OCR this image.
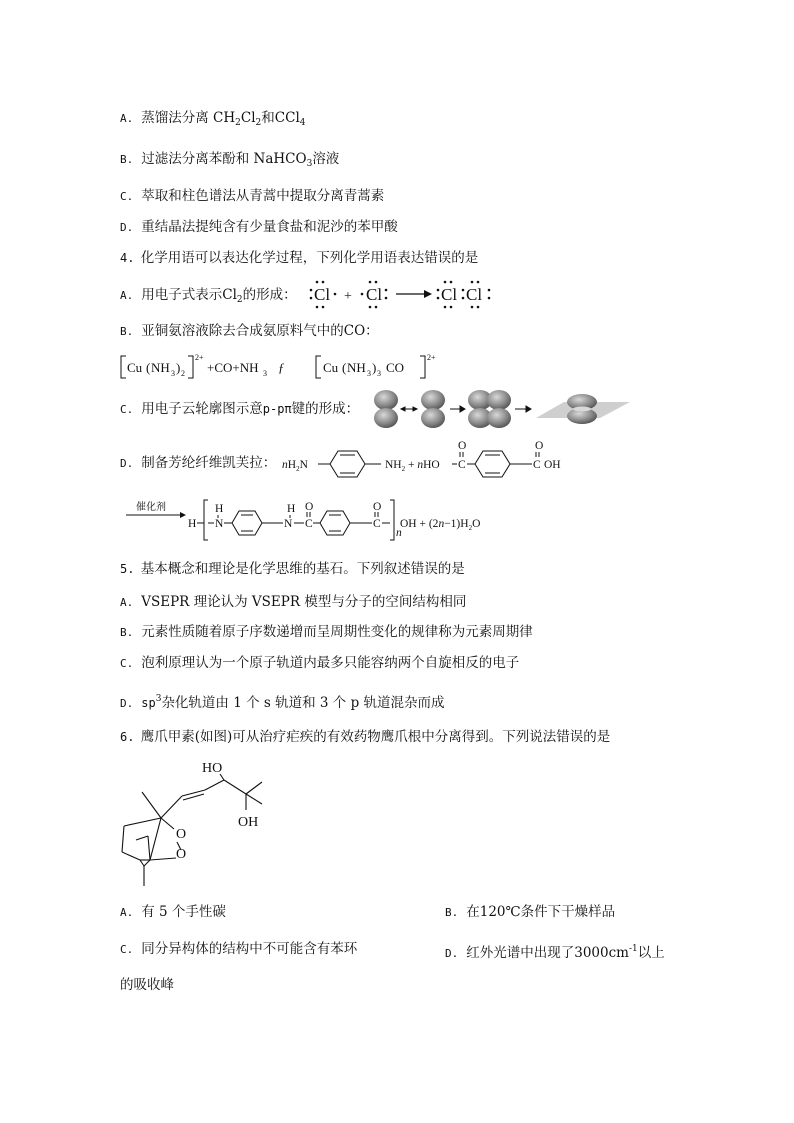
A. 蒸馏法分离 $CH_2Cl_2$和CCl$_4$
B. 过滤法分离苯酚和 NaHCO$_3$溶液
C. 萃取和柱色谱法从青蒿中提取分离青蒿素
D. 重结晶法提纯含有少量食盐和泥沙的苯甲酸
4. 化学用语可以表达化学过程，下列化学用语表达错误的是
A. 用电子式表示$Cl_2$的形成： Cl + Cl	Cl Cl
B. 亚铜氨溶液除去合成氨原料气中的CO：
Cu ( NH 3 ) 2
2+
+CO+NH 3 ƒ	Cu ( NH 3 ) 3 CO
2+
C. 用电子云轮廓图示意p-pπ键的形成：
D. 制备芳纶纤维凯芙拉： $nH_2N$	$NH_2$ + nHO
O
C
O
C OH
催化剂
H
H
N
H
N
O
C
O
C
n
OH + $(2n-1)H_2O$
5. 基本概念和理论是化学思维的基石。下列叙述错误的是
A. VSEPR 理论认为 VSEPR 模型与分子的空间结构相同
B. 元素性质随着原子序数递增而呈周期性变化的规律称为元素周期律
C. 泡利原理认为一个原子轨道内最多只能容纳两个自旋相反的电子
D. $sp^3$杂化轨道由 1 个 s 轨道和 3 个 p 轨道混杂而成
6. 鹰爪甲素(如图)可从治疗疟疾的有效药物鹰爪根中分离得到。下列说法错误的是
HO
O
O
OH
A. 有 5 个手性碳	B. 在120℃条件下干燥样品
C. 同分异构体的结构中不可能含有苯环	D. 红外光谱中出现了$3000cm^{-1}$以上
的吸收峰
